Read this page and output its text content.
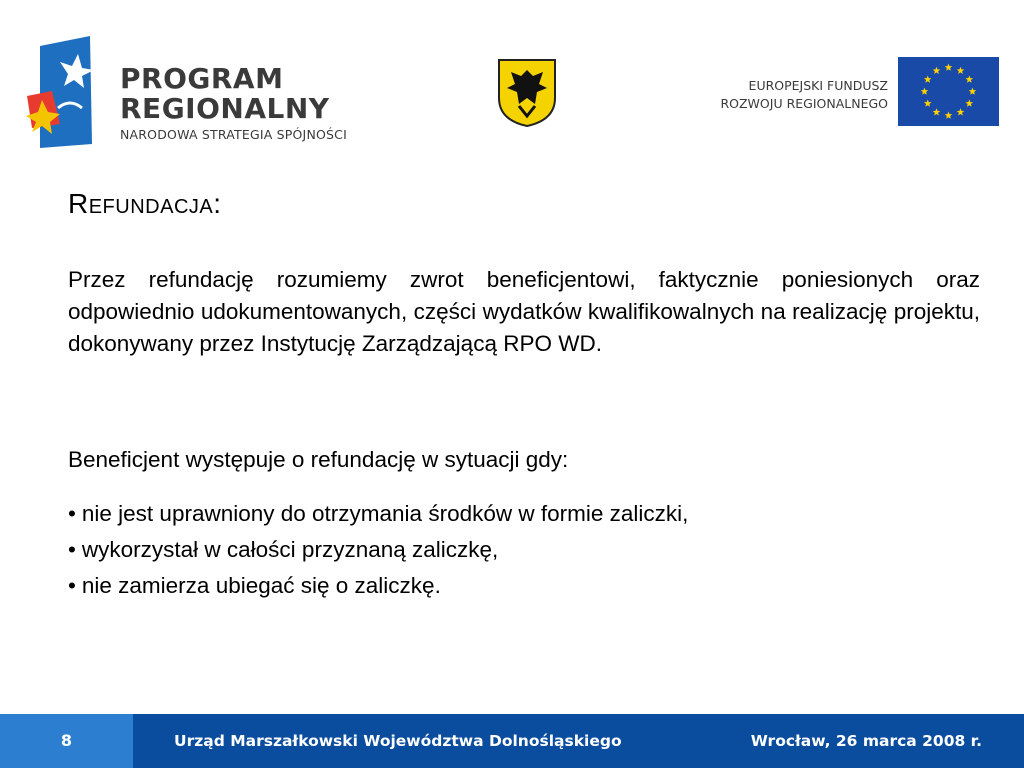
PROGRAM
REGIONALNY
NARODOWA STRATEGIA SPÓJNOŚCI
EUROPEJSKI FUNDUSZ
ROZWOJU REGIONALNEGO
Refundacja:

Przez refundację rozumiemy zwrot beneficjentowi, faktycznie poniesionych oraz odpowiednio udokumentowanych, części wydatków kwalifikowalnych na realizację projektu, dokonywany przez Instytucję Zarządzającą RPO WD.

Beneficjent występuje o refundację w sytuacji gdy:

• nie jest uprawniony do otrzymania środków w formie zaliczki,
• wykorzystał w całości przyznaną zaliczkę,
• nie zamierza ubiegać się o zaliczkę.
8	Urząd Marszałkowski Województwa Dolnośląskiego	Wrocław, 26 marca 2008 r.
